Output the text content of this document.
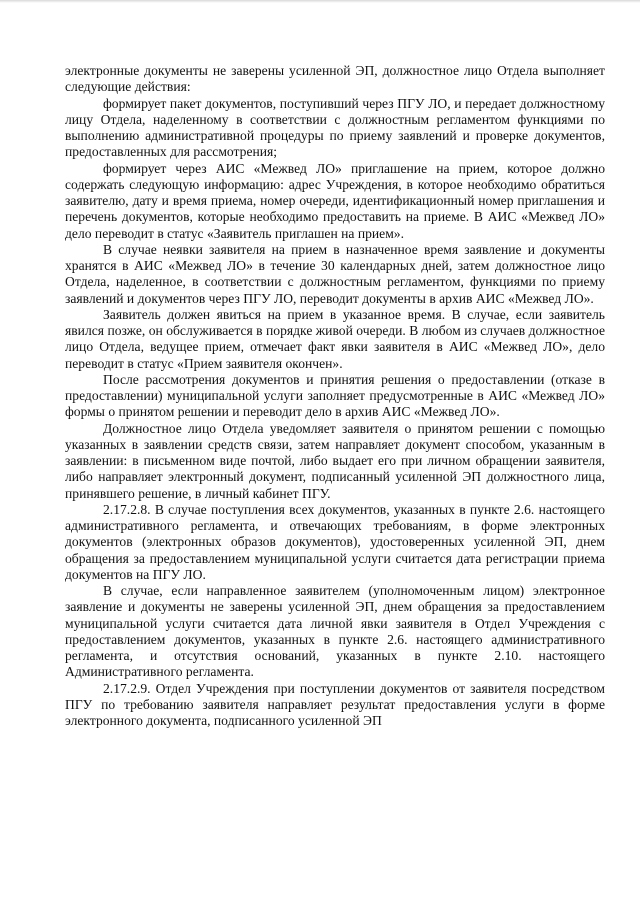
электронные документы не заверены усиленной ЭП, должностное лицо Отдела выполняет следующие действия:

формирует пакет документов, поступивший через ПГУ ЛО, и передает должностному лицу Отдела, наделенному в соответствии с должностным регламентом функциями по выполнению административной процедуры по приему заявлений и проверке документов, предоставленных для рассмотрения;

формирует через АИС «Межвед ЛО» приглашение на прием, которое должно содержать следующую информацию: адрес Учреждения, в которое необходимо обратиться заявителю, дату и время приема, номер очереди, идентификационный номер приглашения и перечень документов, которые необходимо предоставить на приеме. В АИС «Межвед ЛО» дело переводит в статус «Заявитель приглашен на прием».

В случае неявки заявителя на прием в назначенное время заявление и документы хранятся в АИС «Межвед ЛО» в течение 30 календарных дней, затем должностное лицо Отдела, наделенное, в соответствии с должностным регламентом, функциями по приему заявлений и документов через ПГУ ЛО, переводит документы в архив АИС «Межвед ЛО».

Заявитель должен явиться на прием в указанное время. В случае, если заявитель явился позже, он обслуживается в порядке живой очереди. В любом из случаев должностное лицо Отдела, ведущее прием, отмечает факт явки заявителя в АИС «Межвед ЛО», дело переводит в статус «Прием заявителя окончен».

После рассмотрения документов и принятия решения о предоставлении (отказе в предоставлении) муниципальной услуги заполняет предусмотренные в АИС «Межвед ЛО» формы о принятом решении и переводит дело в архив АИС «Межвед ЛО».

Должностное лицо Отдела уведомляет заявителя о принятом решении с помощью указанных в заявлении средств связи, затем направляет документ способом, указанным в заявлении: в письменном виде почтой, либо выдает его при личном обращении заявителя, либо направляет электронный документ, подписанный усиленной ЭП должностного лица, принявшего решение, в личный кабинет ПГУ.

2.17.2.8. В случае поступления всех документов, указанных в пункте 2.6. настоящего административного регламента, и отвечающих требованиям, в форме электронных документов (электронных образов документов), удостоверенных усиленной ЭП, днем обращения за предоставлением муниципальной услуги считается дата регистрации приема документов на ПГУ ЛО.

В случае, если направленное заявителем (уполномоченным лицом) электронное заявление и документы не заверены усиленной ЭП, днем обращения за предоставлением муниципальной услуги считается дата личной явки заявителя в Отдел Учреждения с предоставлением документов, указанных в пункте 2.6. настоящего административного регламента, и отсутствия оснований, указанных в пункте 2.10. настоящего Административного регламента.

2.17.2.9. Отдел Учреждения при поступлении документов от заявителя посредством ПГУ по требованию заявителя направляет результат предоставления услуги в форме электронного документа, подписанного усиленной ЭП
